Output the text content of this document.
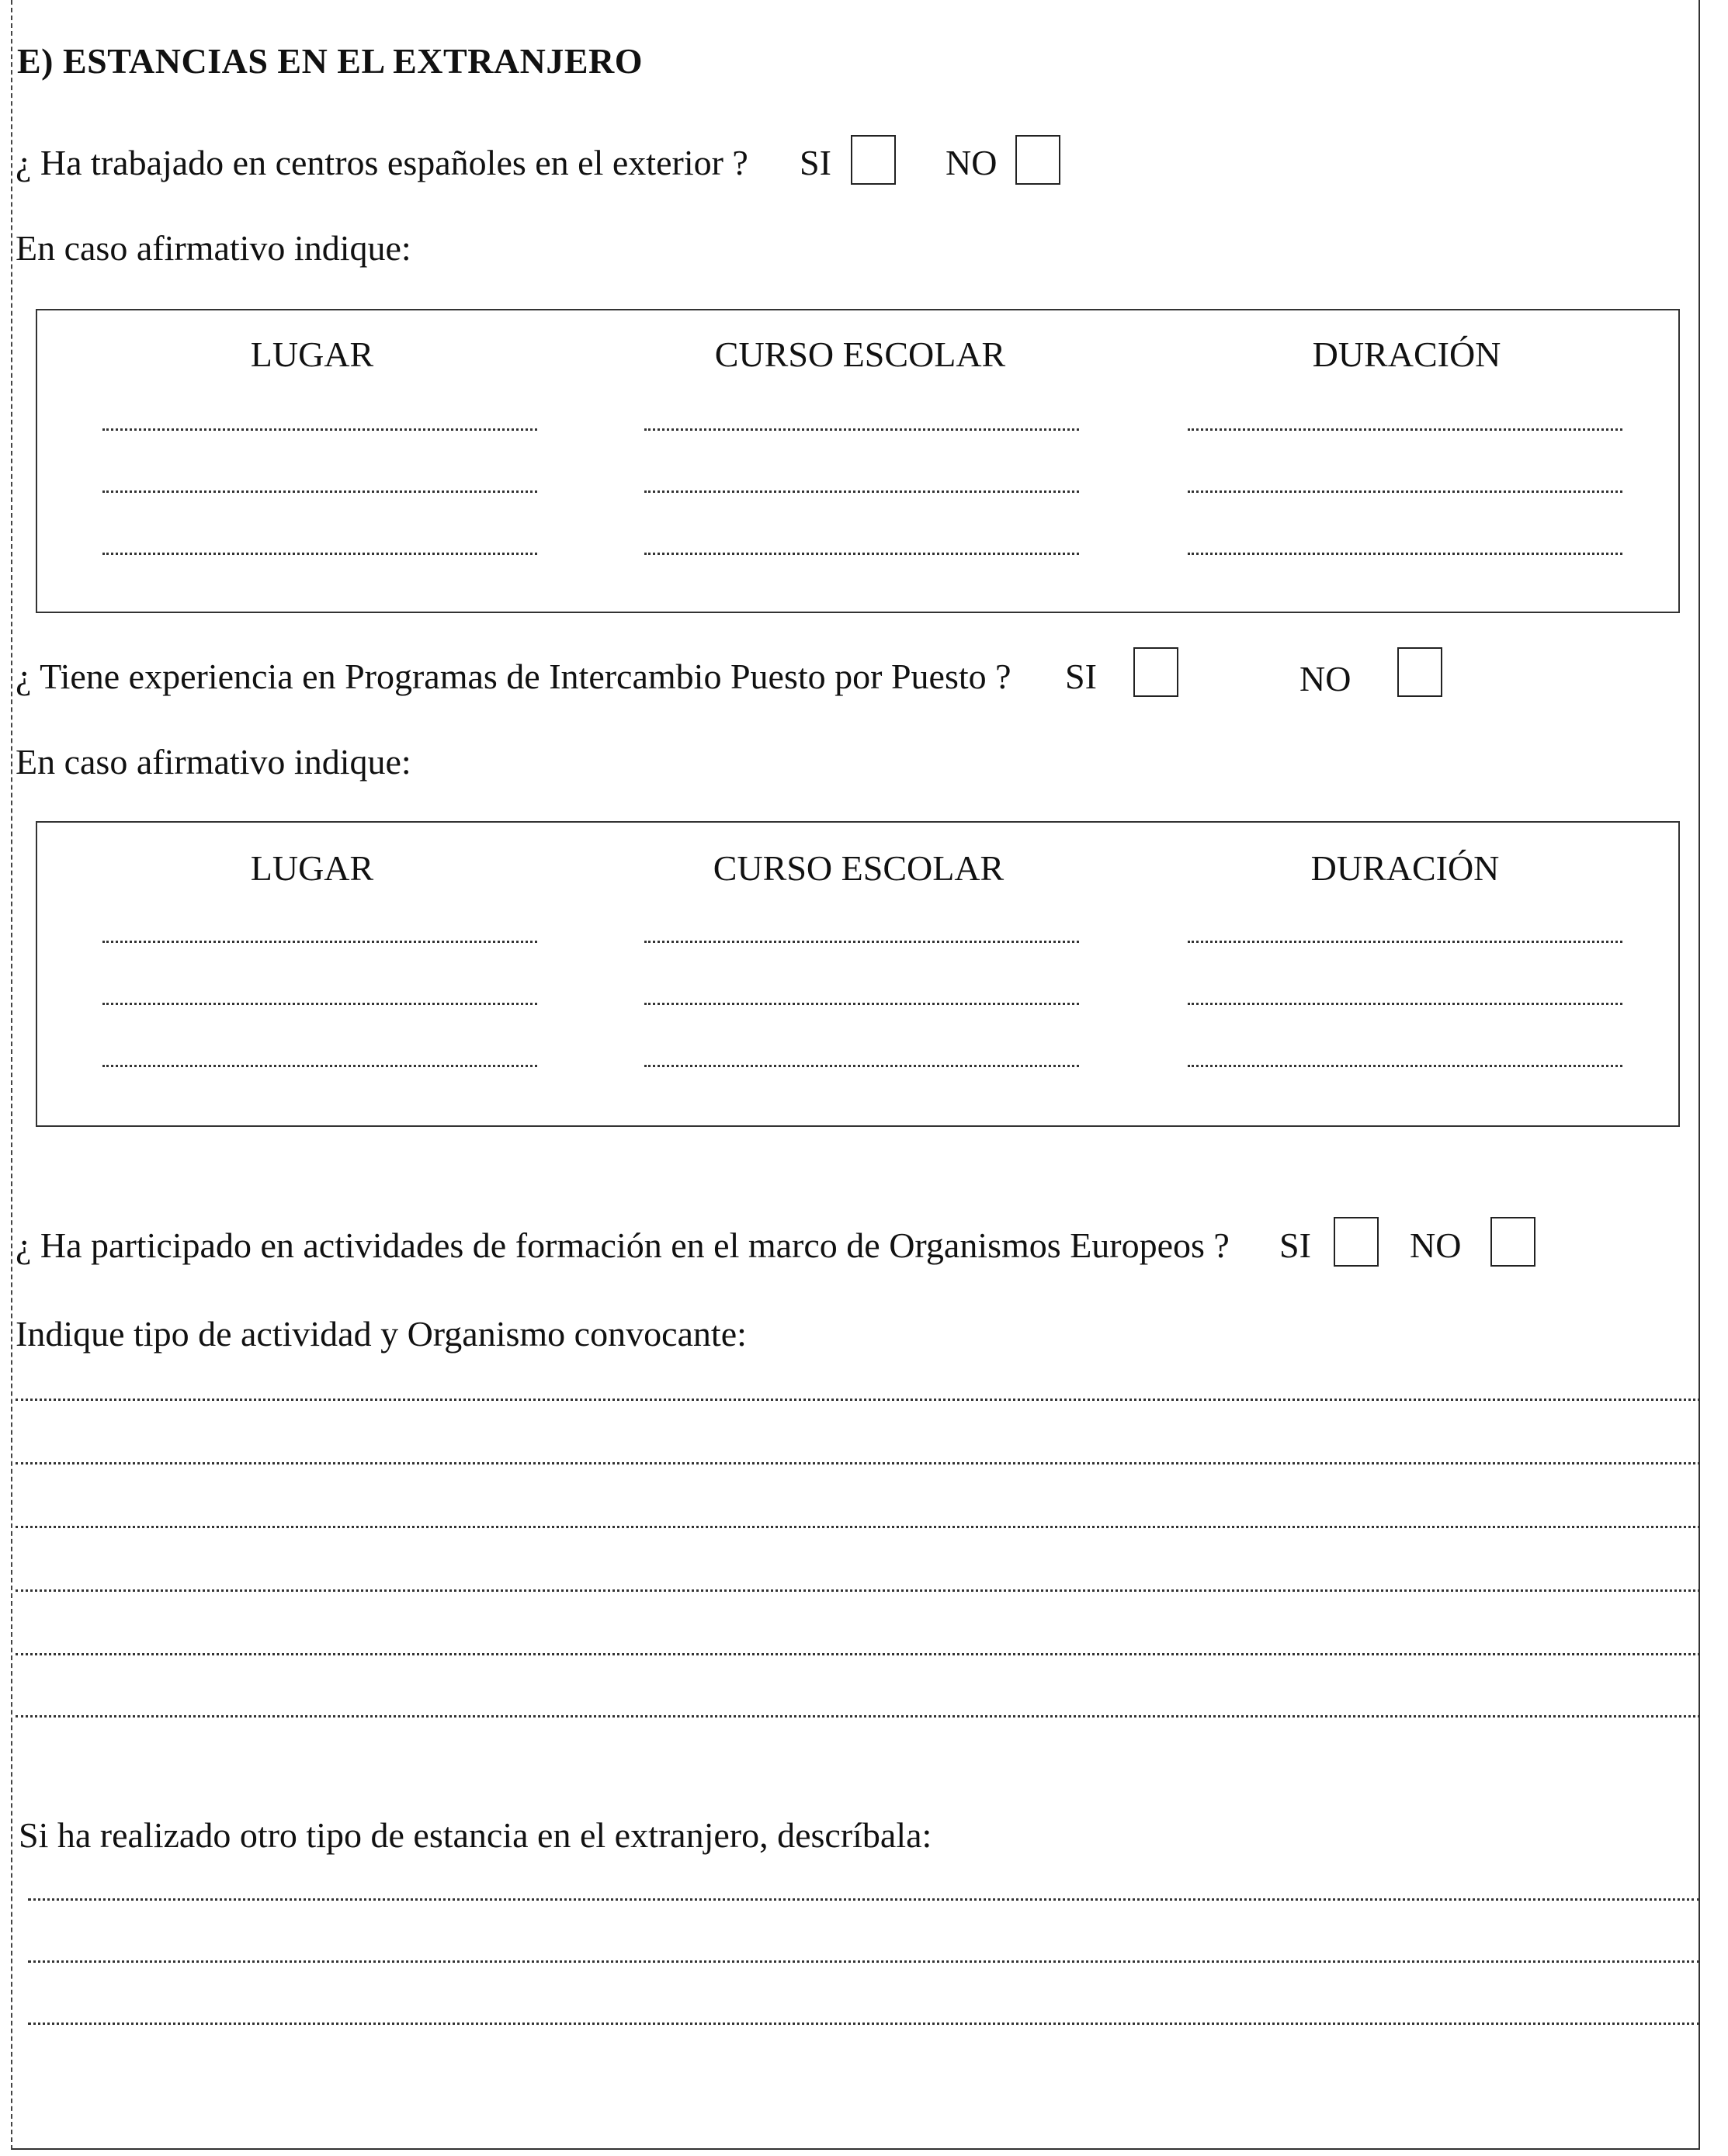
E) ESTANCIAS EN EL EXTRANJERO
¿ Ha trabajado en centros españoles en el exterior ? SI	NO
En caso afirmativo indique:
LUGAR	CURSO ESCOLAR	DURACIÓN
¿ Tiene experiencia en Programas de Intercambio Puesto por Puesto ? SI	NO
En caso afirmativo indique:
LUGAR	CURSO ESCOLAR	DURACIÓN
¿ Ha participado en actividades de formación en el marco de Organismos Europeos ? SI	NO
Indique tipo de actividad y Organismo convocante:
Si ha realizado otro tipo de estancia en el extranjero, descríbala:
